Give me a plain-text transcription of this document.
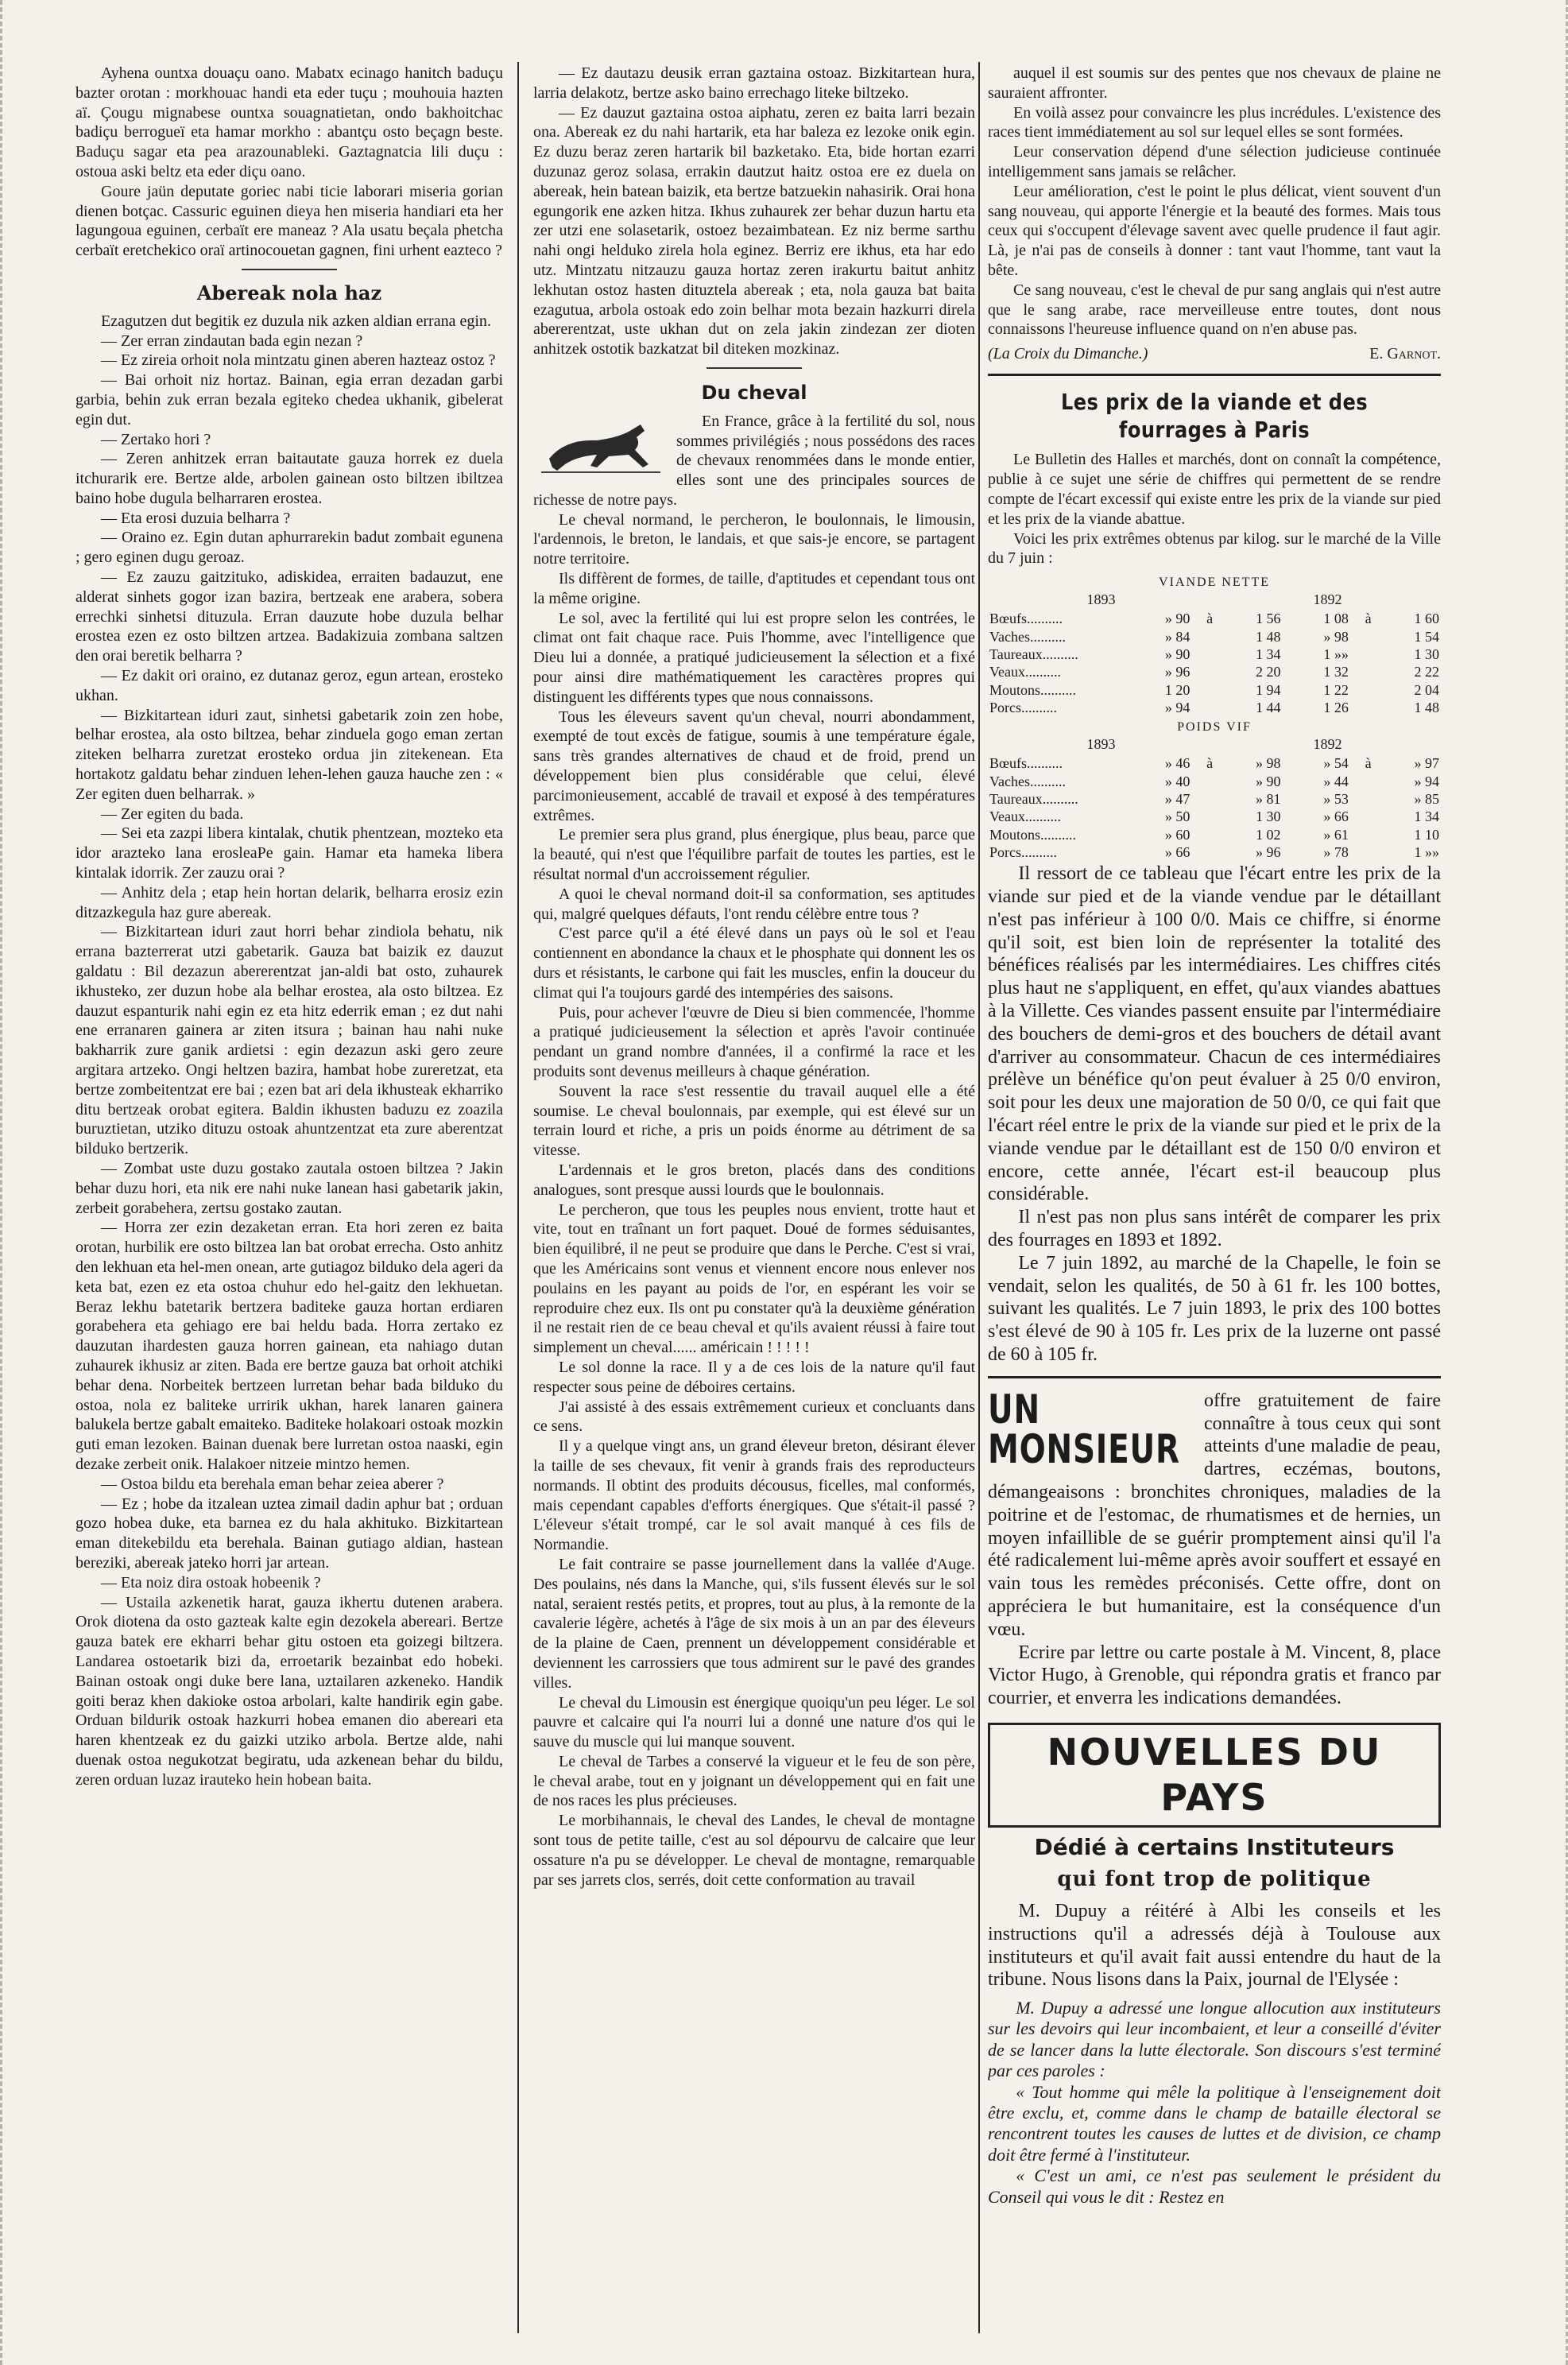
Ayhena ountxa douaçu oano. Mabatx ecinago hanitch baduçu bazter orotan : morkhouac handi eta eder tuçu ; mouhouia hazten aï. Çougu mignabese ountxa souagnatietan, ondo bakhoitchac badiçu berrogueï eta hamar morkho : abantçu osto beçagn beste. Baduçu sagar eta pea arazounableki. Gaztagnatcia lili duçu : ostoua aski beltz eta eder diçu oano.

Goure jaün deputate goriec nabi ticie laborari miseria gorian dienen botçac. Cassuric eguinen dieya hen miseria handiari eta her lagungoua eguinen, cerbaït ere maneaz ? Ala usatu beçala phetcha cerbaït eretchekico oraï artinocouetan gagnen, fini urhent eazteco ?

Abereak nola haz

Ezagutzen dut begitik ez duzula nik azken aldian errana egin.

— Zer erran zindautan bada egin nezan ?

— Ez zireia orhoit nola mintzatu ginen aberen hazteaz ostoz ?

— Bai orhoit niz hortaz. Bainan, egia erran dezadan garbi garbia, behin zuk erran bezala egiteko chedea ukhanik, gibelerat egin dut.

— Zertako hori ?

— Zeren anhitzek erran baitautate gauza horrek ez duela itchurarik ere. Bertze alde, arbolen gainean osto biltzen ibiltzea baino hobe dugula belharraren erostea.

— Eta erosi duzuia belharra ?

— Oraino ez. Egin dutan aphurrarekin badut zombait egunena ; gero eginen dugu geroaz.

— Ez zauzu gaitzituko, adiskidea, erraiten badauzut, ene alderat sinhets gogor izan bazira, bertzeak ene arabera, sobera errechki sinhetsi dituzula. Erran dauzute hobe duzula belhar erostea ezen ez osto biltzen artzea. Badakizuia zombana saltzen den orai beretik belharra ?

— Ez dakit ori oraino, ez dutanaz geroz, egun artean, erosteko ukhan.

— Bizkitartean iduri zaut, sinhetsi gabetarik zoin zen hobe, belhar erostea, ala osto biltzea, behar zinduela gogo eman zertan ziteken belharra zuretzat erosteko ordua jin zitekenean. Eta hortakotz galdatu behar zinduen lehen-lehen gauza hauche zen : « Zer egiten duen belharrak. »

— Zer egiten du bada.

— Sei eta zazpi libera kintalak, chutik phentzean, mozteko eta idor arazteko lana erosleaPe gain. Hamar eta hameka libera kintalak idorrik. Zer zauzu orai ?

— Anhitz dela ; etap hein hortan delarik, belharra erosiz ezin ditzazkegula haz gure abereak.

— Bizkitartean iduri zaut horri behar zindiola behatu, nik errana bazterrerat utzi gabetarik. Gauza bat baizik ez dauzut galdatu : Bil dezazun abererentzat jan-aldi bat osto, zuhaurek ikhusteko, zer duzun hobe ala belhar erostea, ala osto biltzea. Ez dauzut espanturik nahi egin ez eta hitz ederrik eman ; ez dut nahi ene erranaren gainera ar ziten itsura ; bainan hau nahi nuke bakharrik zure ganik ardietsi : egin dezazun aski gero zeure argitara artzeko. Ongi heltzen bazira, hambat hobe zureretzat, eta bertze zombeitentzat ere bai ; ezen bat ari dela ikhusteak ekharriko ditu bertzeak orobat egitera. Baldin ikhusten baduzu ez zoazila buruztietan, utziko dituzu ostoak ahuntzentzat eta zure aberentzat bilduko bertzerik.

— Zombat uste duzu gostako zautala ostoen biltzea ? Jakin behar duzu hori, eta nik ere nahi nuke lanean hasi gabetarik jakin, zerbeit gorabehera, zertsu gostako zautan.

— Horra zer ezin dezaketan erran. Eta hori zeren ez baita orotan, hurbilik ere osto biltzea lan bat orobat errecha. Osto anhitz den lekhuan eta hel-men onean, arte gutiagoz bilduko dela ageri da keta bat, ezen ez eta ostoa chuhur edo hel-gaitz den lekhuetan. Beraz lekhu batetarik bertzera baditeke gauza hortan erdiaren gorabehera eta gehiago ere bai heldu bada. Horra zertako ez dauzutan ihardesten gauza horren gainean, eta nahiago dutan zuhaurek ikhusiz ar ziten. Bada ere bertze gauza bat orhoit atchiki behar dena. Norbeitek bertzeen lurretan behar bada bilduko du ostoa, nola ez baliteke urririk ukhan, harek lanaren gainera balukela bertze gabalt emaiteko. Baditeke holakoari ostoak mozkin guti eman lezoken. Bainan duenak bere lurretan ostoa naaski, egin dezake zerbeit onik. Halakoer nitzeie mintzo hemen.

— Ostoa bildu eta berehala eman behar zeiea aberer ?

— Ez ; hobe da itzalean uztea zimail dadin aphur bat ; orduan gozo hobea duke, eta barnea ez du hala akhituko. Bizkitartean eman ditekebildu eta berehala. Bainan gutiago aldian, hastean bereziki, abereak jateko horri jar artean.

— Eta noiz dira ostoak hobeenik ?

— Ustaila azkenetik harat, gauza ikhertu dutenen arabera. Orok diotena da osto gazteak kalte egin dezokela abereari. Bertze gauza batek ere ekharri behar gitu ostoen eta goizegi biltzera. Landarea ostoetarik bizi da, erroetarik bezainbat edo hobeki. Bainan ostoak ongi duke bere lana, uztailaren azkeneko. Handik goiti beraz khen dakioke ostoa arbolari, kalte handirik egin gabe. Orduan bildurik ostoak hazkurri hobea emanen dio abereari eta haren khentzeak ez du gaizki utziko arbola. Bertze alde, nahi duenak ostoa negukotzat begiratu, uda azkenean behar du bildu, zeren orduan luzaz irauteko hein hobean baita.

— Ez dautazu deusik erran gaztaina ostoaz. Bizkitartean hura, larria delakotz, bertze asko baino errechago liteke biltzeko.

— Ez dauzut gaztaina ostoa aiphatu, zeren ez baita larri bezain ona. Abereak ez du nahi hartarik, eta har baleza ez lezoke onik egin. Ez duzu beraz zeren hartarik bil bazketako. Eta, bide hortan ezarri duzunaz geroz solasa, errakin dautzut haitz ostoa ere ez duela on abereak, hein batean baizik, eta bertze batzuekin nahasirik. Orai hona egungorik ene azken hitza. Ikhus zuhaurek zer behar duzun hartu eta zer utzi ene solasetarik, ostoez bezaimbatean. Ez niz berme sarthu nahi ongi helduko zirela hola eginez. Berriz ere ikhus, eta har edo utz. Mintzatu nitzauzu gauza hortaz zeren irakurtu baitut anhitz lekhutan ostoz hasten dituztela abereak ; eta, nola gauza bat baita ezagutua, arbola ostoak edo zoin belhar mota bezain hazkurri direla abererentzat, uste ukhan dut on zela jakin zindezan zer dioten anhitzek ostotik bazkatzat bil diteken mozkinaz.

Du cheval

En France, grâce à la fertilité du sol, nous sommes privilégiés ; nous possédons des races de chevaux renommées dans le monde entier, elles sont une des principales sources de richesse de notre pays.

Le cheval normand, le percheron, le boulonnais, le limousin, l'ardennois, le breton, le landais, et que sais-je encore, se partagent notre territoire.

Ils diffèrent de formes, de taille, d'aptitudes et cependant tous ont la même origine.

Le sol, avec la fertilité qui lui est propre selon les contrées, le climat ont fait chaque race. Puis l'homme, avec l'intelligence que Dieu lui a donnée, a pratiqué judicieusement la sélection et a fixé pour ainsi dire mathématiquement les caractères propres qui distinguent les différents types que nous connaissons.

Tous les éleveurs savent qu'un cheval, nourri abondamment, exempté de tout excès de fatigue, soumis à une température égale, sans très grandes alternatives de chaud et de froid, prend un développement bien plus considérable que celui, élevé parcimonieusement, accablé de travail et exposé à des températures extrêmes.

Le premier sera plus grand, plus énergique, plus beau, parce que la beauté, qui n'est que l'équilibre parfait de toutes les parties, est le résultat normal d'un accroissement régulier.

A quoi le cheval normand doit-il sa conformation, ses aptitudes qui, malgré quelques défauts, l'ont rendu célèbre entre tous ?

C'est parce qu'il a été élevé dans un pays où le sol et l'eau contiennent en abondance la chaux et le phosphate qui donnent les os durs et résistants, le carbone qui fait les muscles, enfin la douceur du climat qui l'a toujours gardé des intempéries des saisons.

Puis, pour achever l'œuvre de Dieu si bien commencée, l'homme a pratiqué judicieusement la sélection et après l'avoir continuée pendant un grand nombre d'années, il a confirmé la race et les produits sont devenus meilleurs à chaque génération.

Souvent la race s'est ressentie du travail auquel elle a été soumise. Le cheval boulonnais, par exemple, qui est élevé sur un terrain lourd et riche, a pris un poids énorme au détriment de sa vitesse.

L'ardennais et le gros breton, placés dans des conditions analogues, sont presque aussi lourds que le boulonnais.

Le percheron, que tous les peuples nous envient, trotte haut et vite, tout en traînant un fort paquet. Doué de formes séduisantes, bien équilibré, il ne peut se produire que dans le Perche. C'est si vrai, que les Américains sont venus et viennent encore nous enlever nos poulains en les payant au poids de l'or, en espérant les voir se reproduire chez eux. Ils ont pu constater qu'à la deuxième génération il ne restait rien de ce beau cheval et qu'ils avaient réussi à faire tout simplement un cheval...... américain ! ! ! ! !

Le sol donne la race. Il y a de ces lois de la nature qu'il faut respecter sous peine de déboires certains.

J'ai assisté à des essais extrêmement curieux et concluants dans ce sens.

Il y a quelque vingt ans, un grand éleveur breton, désirant élever la taille de ses chevaux, fit venir à grands frais des reproducteurs normands. Il obtint des produits décousus, ficelles, mal conformés, mais cependant capables d'efforts énergiques. Que s'était-il passé ? L'éleveur s'était trompé, car le sol avait manqué à ces fils de Normandie.

Le fait contraire se passe journellement dans la vallée d'Auge. Des poulains, nés dans la Manche, qui, s'ils fussent élevés sur le sol natal, seraient restés petits, et propres, tout au plus, à la remonte de la cavalerie légère, achetés à l'âge de six mois à un an par des éleveurs de la plaine de Caen, prennent un développement considérable et deviennent les carrossiers que tous admirent sur le pavé des grandes villes.

Le cheval du Limousin est énergique quoiqu'un peu léger. Le sol pauvre et calcaire qui l'a nourri lui a donné une nature d'os qui le sauve du muscle qui lui manque souvent.

Le cheval de Tarbes a conservé la vigueur et le feu de son père, le cheval arabe, tout en y joignant un développement qui en fait une de nos races les plus précieuses.

Le morbihannais, le cheval des Landes, le cheval de montagne sont tous de petite taille, c'est au sol dépourvu de calcaire que leur ossature n'a pu se développer. Le cheval de montagne, remarquable par ses jarrets clos, serrés, doit cette conformation au travail

auquel il est soumis sur des pentes que nos chevaux de plaine ne sauraient affronter.

En voilà assez pour convaincre les plus incrédules. L'existence des races tient immédiatement au sol sur lequel elles se sont formées.

Leur conservation dépend d'une sélection judicieuse continuée intelligemment sans jamais se relâcher.

Leur amélioration, c'est le point le plus délicat, vient souvent d'un sang nouveau, qui apporte l'énergie et la beauté des formes. Mais tous ceux qui s'occupent d'élevage savent avec quelle prudence il faut agir. Là, je n'ai pas de conseils à donner : tant vaut l'homme, tant vaut la bête.

Ce sang nouveau, c'est le cheval de pur sang anglais qui n'est autre que le sang arabe, race merveilleuse entre toutes, dont nous connaissons l'heureuse influence quand on n'en abuse pas.

(La Croix du Dimanche.)	E. Garnot.
Les prix de la viande et des fourrages à Paris

Le Bulletin des Halles et marchés, dont on connaît la compétence, publie à ce sujet une série de chiffres qui permettent de se rendre compte de l'écart excessif qui existe entre les prix de la viande sur pied et les prix de la viande abattue.

Voici les prix extrêmes obtenus par kilog. sur le marché de la Ville du 7 juin :

VIANDE NETTE
1893	1892
Bœufs..........	» 90	à	1 56	1 08	à	1 60
Vaches..........	» 84		1 48	» 98		1 54
Taureaux..........	» 90		1 34	1 »»		1 30
Veaux..........	» 96		2 20	1 32		2 22
Moutons..........	1 20		1 94	1 22		2 04
Porcs..........	» 94		1 44	1 26		1 48
POIDS VIF
1893	1892
Bœufs..........	» 46	à	» 98	» 54	à	» 97
Vaches..........	» 40		» 90	» 44		» 94
Taureaux..........	» 47		» 81	» 53		» 85
Veaux..........	» 50		1 30	» 66		1 34
Moutons..........	» 60		1 02	» 61		1 10
Porcs..........	» 66		» 96	» 78		1 »»

Il ressort de ce tableau que l'écart entre les prix de la viande sur pied et de la viande vendue par le détaillant n'est pas inférieur à 100 0/0. Mais ce chiffre, si énorme qu'il soit, est bien loin de représenter la totalité des bénéfices réalisés par les intermédiaires. Les chiffres cités plus haut ne s'appliquent, en effet, qu'aux viandes abattues à la Villette. Ces viandes passent ensuite par l'intermédiaire des bouchers de demi-gros et des bouchers de détail avant d'arriver au consommateur. Chacun de ces intermédiaires prélève un bénéfice qu'on peut évaluer à 25 0/0 environ, soit pour les deux une majoration de 50 0/0, ce qui fait que l'écart réel entre le prix de la viande sur pied et le prix de la viande vendue par le détaillant est de 150 0/0 environ et encore, cette année, l'écart est-il beaucoup plus considérable.

Il n'est pas non plus sans intérêt de comparer les prix des fourrages en 1893 et 1892.

Le 7 juin 1892, au marché de la Chapelle, le foin se vendait, selon les qualités, de 50 à 61 fr. les 100 bottes, suivant les qualités. Le 7 juin 1893, le prix des 100 bottes s'est élevé de 90 à 105 fr. Les prix de la luzerne ont passé de 60 à 105 fr.

UN MONSIEUR

offre gratuitement de faire connaître à tous ceux qui sont atteints d'une maladie de peau, dartres, eczémas, boutons, démangeaisons : bronchites chroniques, maladies de la poitrine et de l'estomac, de rhumatismes et de hernies, un moyen infaillible de se guérir promptement ainsi qu'il l'a été radicalement lui-même après avoir souffert et essayé en vain tous les remèdes préconisés. Cette offre, dont on appréciera le but humanitaire, est la conséquence d'un vœu.

Ecrire par lettre ou carte postale à M. Vincent, 8, place Victor Hugo, à Grenoble, qui répondra gratis et franco par courrier, et enverra les indications demandées.

NOUVELLES DU PAYS
Dédié à certains Instituteurs
qui font trop de politique

M. Dupuy a réitéré à Albi les conseils et les instructions qu'il a adressés déjà à Toulouse aux instituteurs et qu'il avait fait aussi entendre du haut de la tribune. Nous lisons dans la Paix, journal de l'Elysée :

M. Dupuy a adressé une longue allocution aux instituteurs sur les devoirs qui leur incombaient, et leur a conseillé d'éviter de se lancer dans la lutte électorale. Son discours s'est terminé par ces paroles :

« Tout homme qui mêle la politique à l'enseignement doit être exclu, et, comme dans le champ de bataille électoral se rencontrent toutes les causes de luttes et de division, ce champ doit être fermé à l'instituteur.

« C'est un ami, ce n'est pas seulement le président du Conseil qui vous le dit : Restez en
